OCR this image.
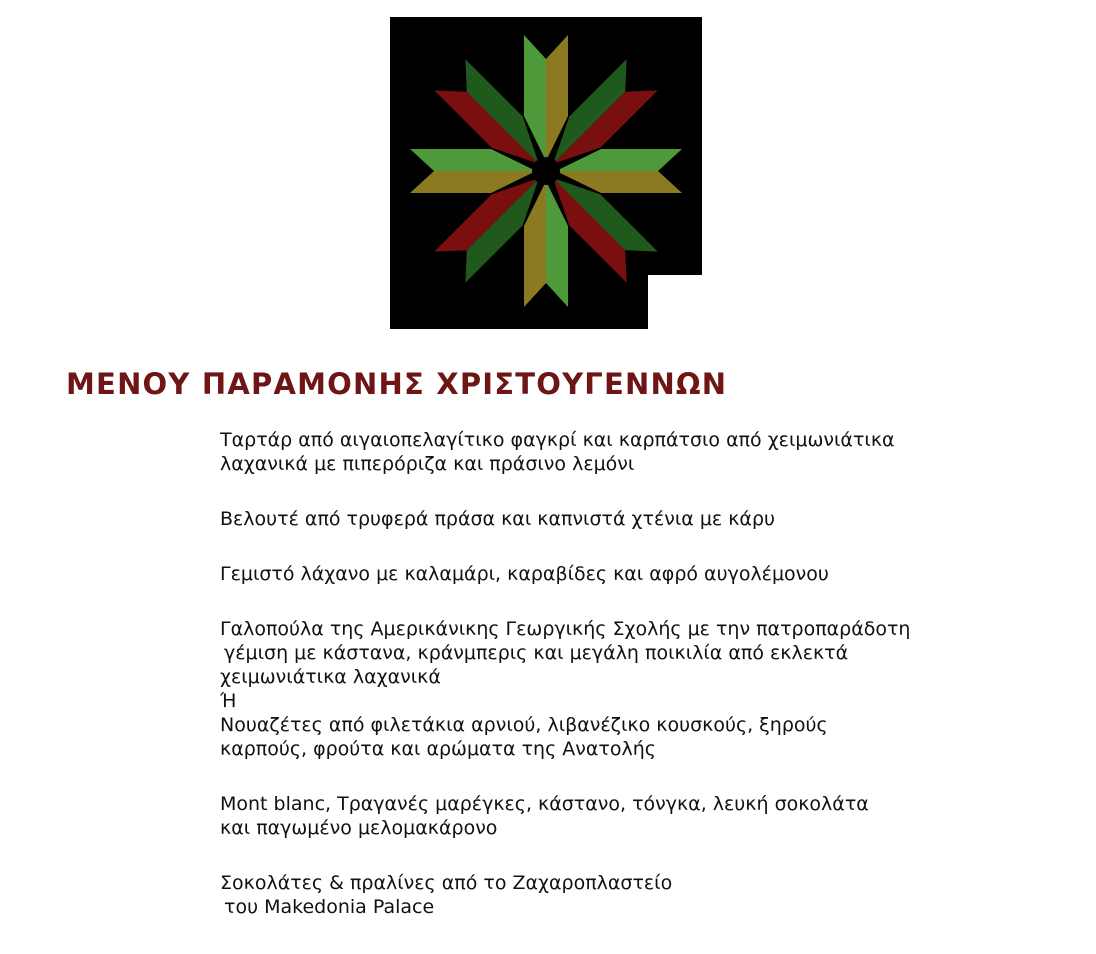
ΜΕΝΟΥ ΠΑΡΑΜΟΝΗΣ ΧΡΙΣΤΟΥΓΕΝΝΩΝ
Ταρτάρ από αιγαιοπελαγίτικο φαγκρί και καρπάτσιο από χειμωνιάτικα
λαχανικά με πιπερόριζα και πράσινο λεμόνι
Βελουτέ από τρυφερά πράσα και καπνιστά χτένια με κάρυ
Γεμιστό λάχανο με καλαμάρι, καραβίδες και αφρό αυγολέμονου
Γαλοπούλα της Αμερικάνικης Γεωργικής Σχολής με την πατροπαράδοτη
γέμιση με κάστανα, κράνμπερις και μεγάλη ποικιλία από εκλεκτά
χειμωνιάτικα λαχανικά
Ή
Νουαζέτες από φιλετάκια αρνιού, λιβανέζικο κουσκούς, ξηρούς
καρπούς, φρούτα και αρώματα της Ανατολής
Mont blanc, Τραγανές μαρέγκες, κάστανο, τόνγκα, λευκή σοκολάτα
και παγωμένο μελομακάρονο
Σοκολάτες & πραλίνες από το Ζαχαροπλαστείο
του Makedonia Palace
